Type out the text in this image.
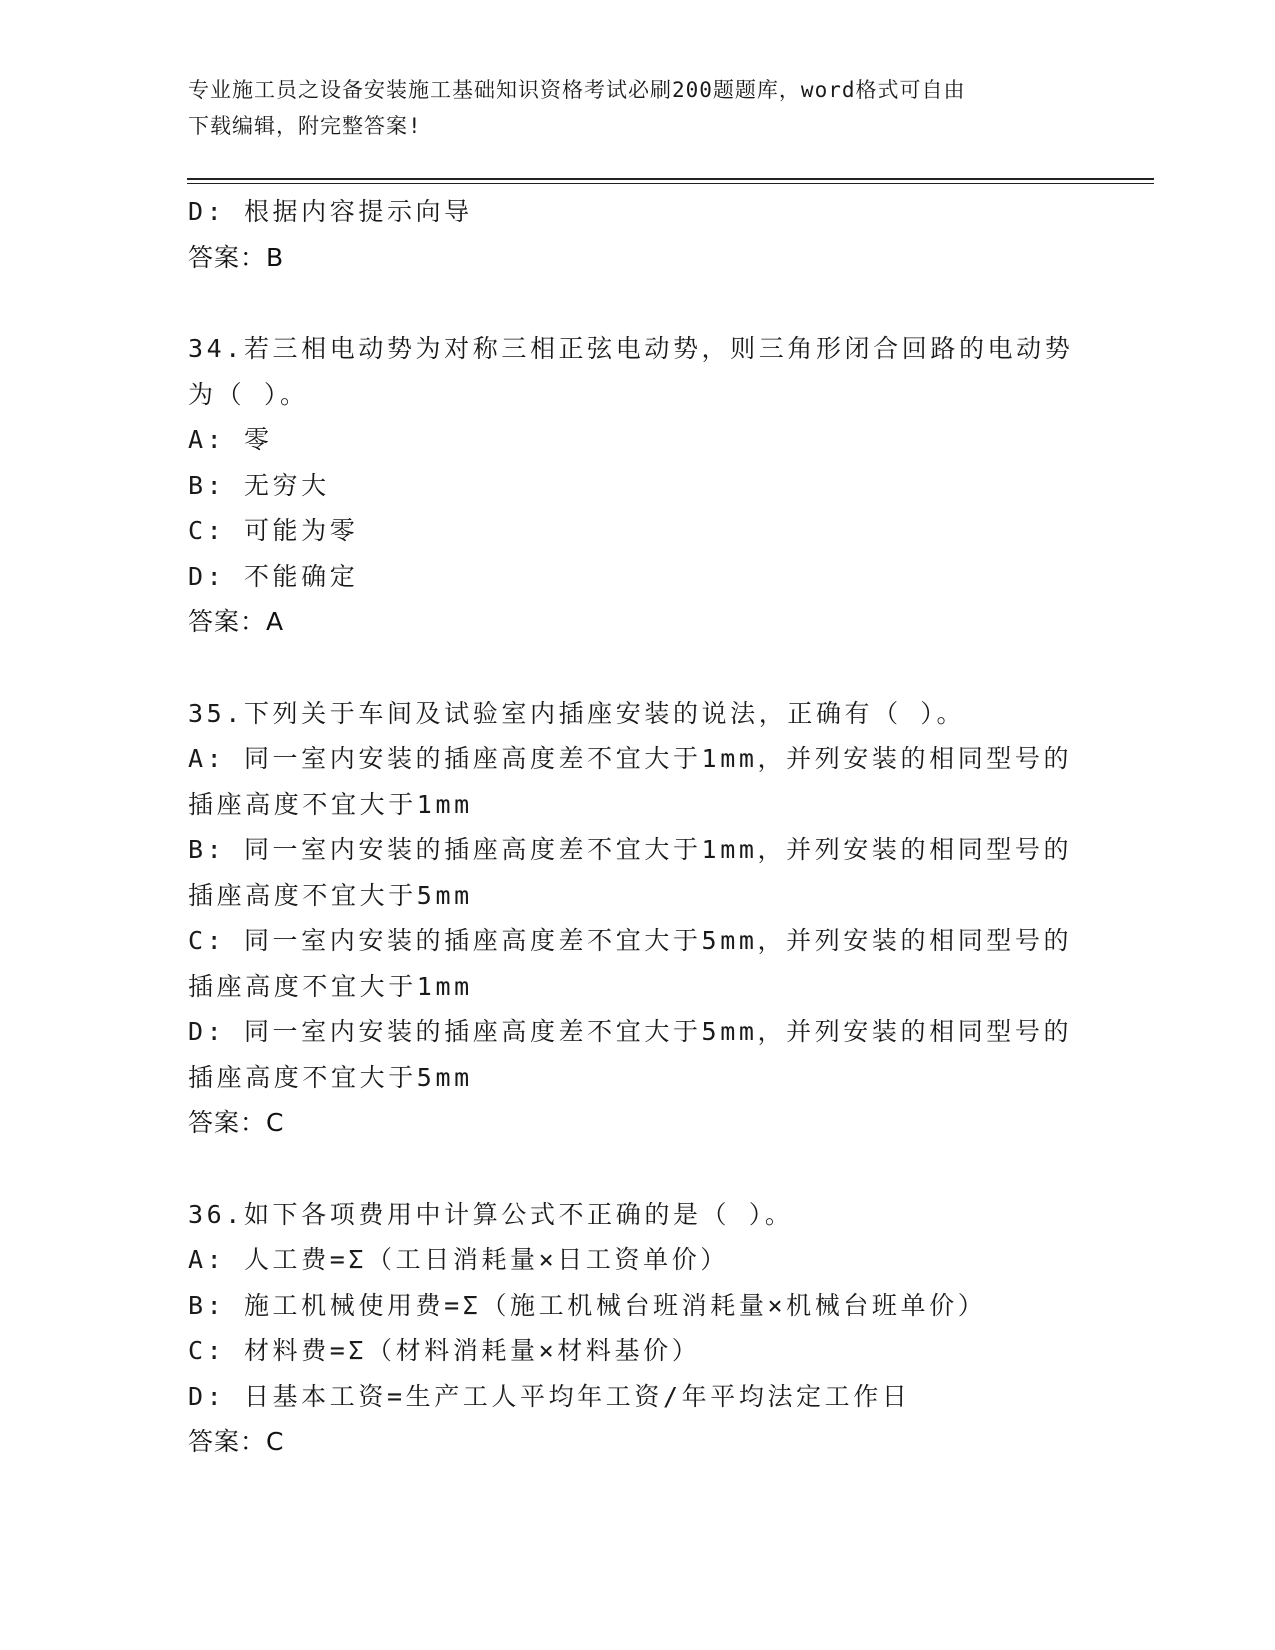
专业施工员之设备安装施工基础知识资格考试必刷200题题库，word格式可自由
下载编辑，附完整答案!
D: 根据内容提示向导
答案：B
34.若三相电动势为对称三相正弦电动势，则三角形闭合回路的电动势
为（ ）。
A: 零
B: 无穷大
C: 可能为零
D: 不能确定
答案：A
35.下列关于车间及试验室内插座安装的说法，正确有（ ）。
A: 同一室内安装的插座高度差不宜大于1mm，并列安装的相同型号的
插座高度不宜大于1mm
B: 同一室内安装的插座高度差不宜大于1mm，并列安装的相同型号的
插座高度不宜大于5mm
C: 同一室内安装的插座高度差不宜大于5mm，并列安装的相同型号的
插座高度不宜大于1mm
D: 同一室内安装的插座高度差不宜大于5mm，并列安装的相同型号的
插座高度不宜大于5mm
答案：C
36.如下各项费用中计算公式不正确的是（ ）。
A: 人工费=Σ（工日消耗量×日工资单价）
B: 施工机械使用费=Σ（施工机械台班消耗量×机械台班单价）
C: 材料费=Σ（材料消耗量×材料基价）
D: 日基本工资=生产工人平均年工资/年平均法定工作日
答案：C
